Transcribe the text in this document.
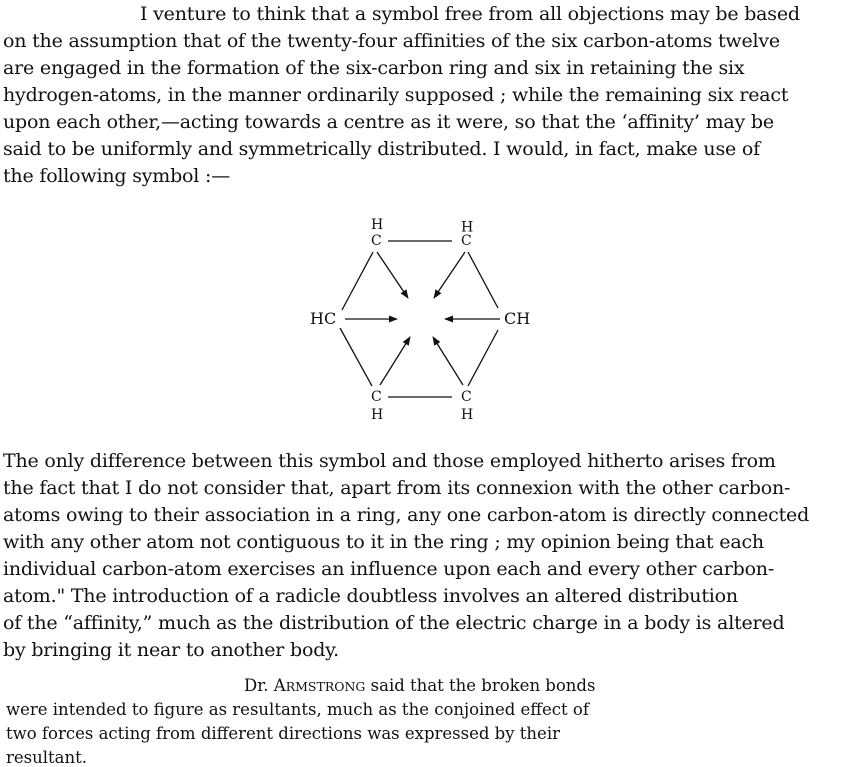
I venture to think that a symbol free from all objections may be based

on the assumption that of the twenty-four affinities of the six carbon-atoms twelve

are engaged in the formation of the six-carbon ring and six in retaining the six

hydrogen-atoms, in the manner ordinarily supposed ; while the remaining six react

upon each other,—acting towards a centre as it were, so that the ‘affinity’ may be

said to be uniformly and symmetrically distributed. I would, in fact, make use of

the following symbol :—

H
C
H
C
HC	CH
C
H
C
H

The only difference between this symbol and those employed hitherto arises from

the fact that I do not consider that, apart from its connexion with the other carbon-

atoms owing to their association in a ring, any one carbon-atom is directly connected

with any other atom not contiguous to it in the ring ; my opinion being that each

individual carbon-atom exercises an influence upon each and every other carbon-

atom." The introduction of a radicle doubtless involves an altered distribution

of the “affinity,” much as the distribution of the electric charge in a body is altered

by bringing it near to another body.

Dr. ARMSTRONG said that the broken bonds

were intended to figure as resultants, much as the conjoined effect of

two forces acting from different directions was expressed by their

resultant.
